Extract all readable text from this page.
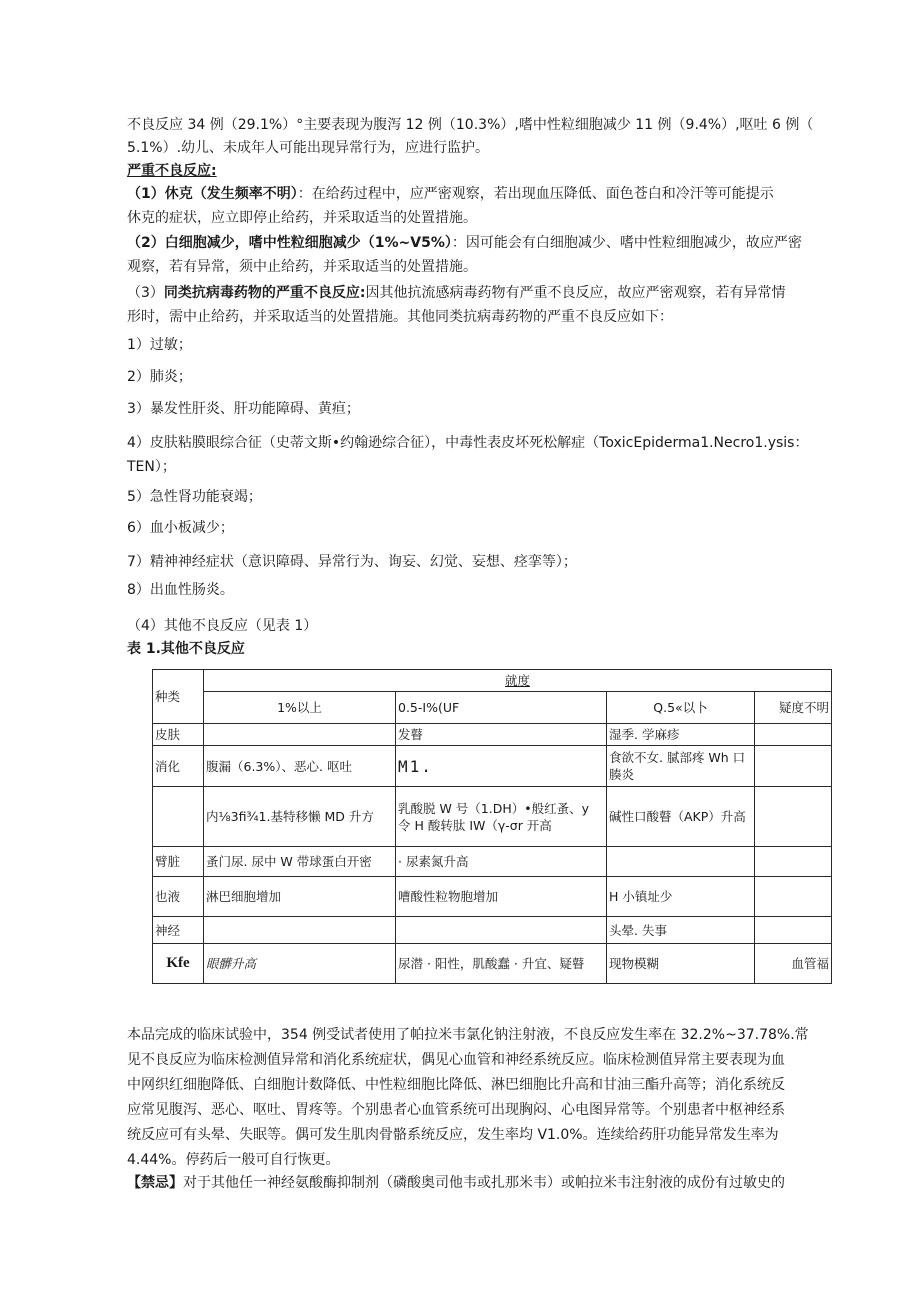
不良反应 34 例（29.1%）°主要表现为腹泻 12 例（10.3%）,嗜中性粒细胞减少 11 例（9.4%）,呕吐 6 例（

5.1%）.幼儿、未成年人可能出现异常行为，应进行监护。

严重不良反应:

（1）休克（发生频率不明）：在给药过程中，应严密观察，若出现血压降低、面色苍白和冷汗等可能提示

休克的症状，应立即停止给药，并采取适当的处置措施。

（2）白细胞减少，嗜中性粒细胞减少（1%~V5%）：因可能会有白细胞减少、嗜中性粒细胞减少，故应严密

观察，若有异常，须中止给药，并采取适当的处置措施。

（3）同类抗病毒药物的严重不良反应:因其他抗流感病毒药物有严重不良反应，故应严密观察，若有异常情

形时，需中止给药，并采取适当的处置措施。其他同类抗病毒药物的严重不良反应如下：

1）过敏；

2）肺炎；

3）暴发性肝炎、肝功能障碍、黄疸；

4）皮肤粘膜眼综合征（史蒂文斯•约翰逊综合征），中毒性表皮坏死松解症（ToxicEpiderma1.Necro1.ysis：

TEN）；

5）急性肾功能衰竭；

6）血小板减少；

7）精神神经症状（意识障碍、异常行为、询妄、幻觉、妄想、痉挛等）；

8）出血性肠炎。

（4）其他不良反应（见表 1）

表 1.其他不良反应

种类	就度			
	1%以上	0.5-I%(UF	Q.5«以卜	疑度不明
皮肤		发瞽	湿季. 学麻疹	
消化	腹漏（6.3%）、恶心. 呕吐	M1.	食欲不女. 腻部疼 Wh 口腠炎	
	内⅛3fi¾1.基特移懒 MD 升方	乳酸脱 W 号（1.DH）•般红蚤、y 令 H 酸转肽 IW（γ-σr 开高	碱性口酸瞽（AKP）升高	
臂脏	蚤门尿. 尿中 W 带球蛋白开密	· 尿素氮升高		
也液	淋巴细胞增加	嘈酸性粒物胞增加	H 小镇址少	
神经			头晕. 失事	
Kfe	眼髒升高	尿潜 · 阳性，肌酸蠢 · 升宜、疑瞽	现物模糊	血管福

本品完成的临床试验中，354 例受试者使用了帕拉米韦氯化钠注射液，不良反应发生率在 32.2%~37.78%.常

见不良反应为临床检测值异常和消化系统症状，偶见心血管和神经系统反应。临床检测值异常主要表现为血

中网织红细胞降低、白细胞计数降低、中性粒细胞比降低、淋巴细胞比升高和甘油三酯升高等；消化系统反

应常见腹泻、恶心、呕吐、胃疼等。个别患者心血管系统可出现胸闷、心电图异常等。个别患者中枢神经系

统反应可有头晕、失眠等。偶可发生肌肉骨骼系统反应，发生率均 V1.0%。连续给药肝功能异常发生率为

4.44%。停药后一般可自行恢更。

【禁忌】对于其他任一神经氨酸酶抑制剂（磷酸奥司他韦或扎那米韦）或帕拉米韦注射液的成份有过敏史的
